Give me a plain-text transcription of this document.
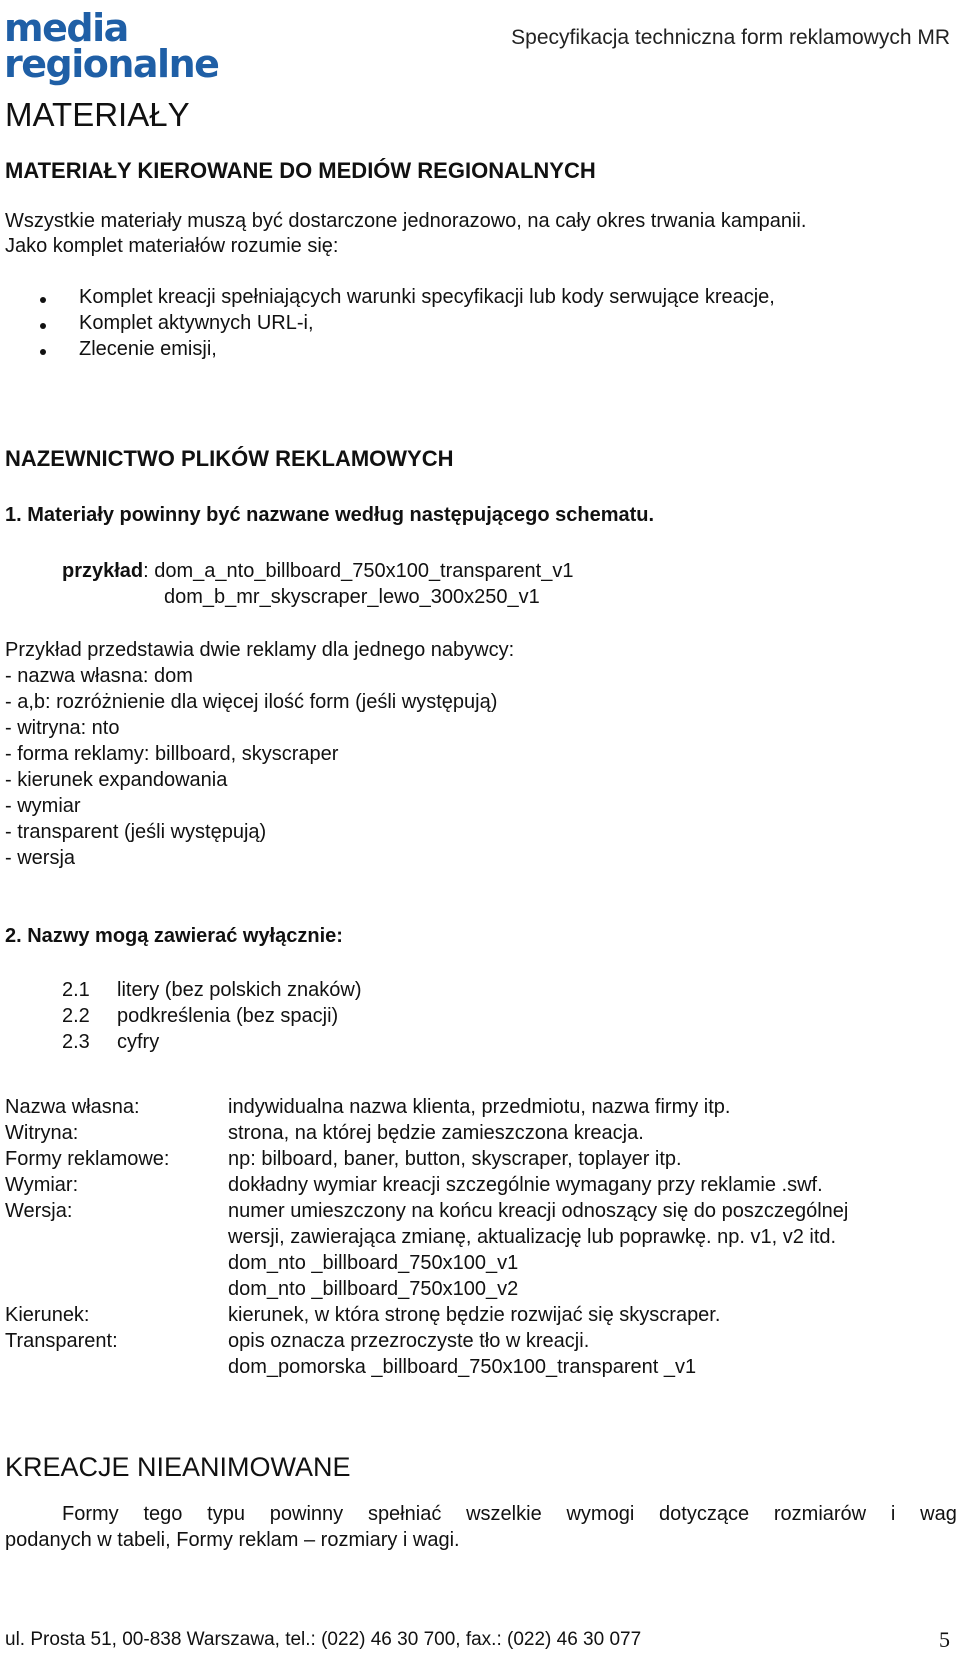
media
regionalne
Specyfikacja techniczna form reklamowych MR
MATERIAŁY
MATERIAŁY KIEROWANE DO MEDIÓW REGIONALNYCH
Wszystkie materiały muszą być dostarczone jednorazowo, na cały okres trwania kampanii.
Jako komplet materiałów rozumie się:
Komplet kreacji spełniających warunki specyfikacji lub kody serwujące kreacje,
Komplet aktywnych URL-i,
Zlecenie emisji,
NAZEWNICTWO PLIKÓW REKLAMOWYCH
1. Materiały powinny być nazwane według następującego schematu.
przykład: dom_a_nto_billboard_750x100_transparent_v1
dom_b_mr_skyscraper_lewo_300x250_v1
Przykład przedstawia dwie reklamy dla jednego nabywcy:
- nazwa własna: dom
- a,b: rozróżnienie dla więcej ilość form (jeśli występują)
- witryna: nto
- forma reklamy: billboard, skyscraper
- kierunek expandowania
- wymiar
- transparent (jeśli występują)
- wersja
2. Nazwy mogą zawierać wyłącznie:
2.1 litery (bez polskich znaków)
2.2 podkreślenia (bez spacji)
2.3 cyfry
Nazwa własna:	indywidualna nazwa klienta, przedmiotu, nazwa firmy itp.
Witryna:	strona, na której będzie zamieszczona kreacja.
Formy reklamowe:	np: bilboard, baner, button, skyscraper, toplayer itp.
Wymiar:	dokładny wymiar kreacji szczególnie wymagany przy reklamie .swf.
Wersja:	numer umieszczony na końcu kreacji odnoszący się do poszczególnej
wersji, zawierająca zmianę, aktualizację lub poprawkę. np. v1, v2 itd.
dom_nto _billboard_750x100_v1
dom_nto _billboard_750x100_v2
Kierunek:	kierunek, w która stronę będzie rozwijać się skyscraper.
Transparent:	opis oznacza przezroczyste tło w kreacji.
dom_pomorska _billboard_750x100_transparent _v1
KREACJE NIEANIMOWANE
Formy tego typu powinny spełniać wszelkie wymogi dotyczące rozmiarów i wag
podanych w tabeli, Formy reklam – rozmiary i wagi.
ul. Prosta 51, 00-838 Warszawa, tel.: (022) 46 30 700, fax.: (022) 46 30 077	5
